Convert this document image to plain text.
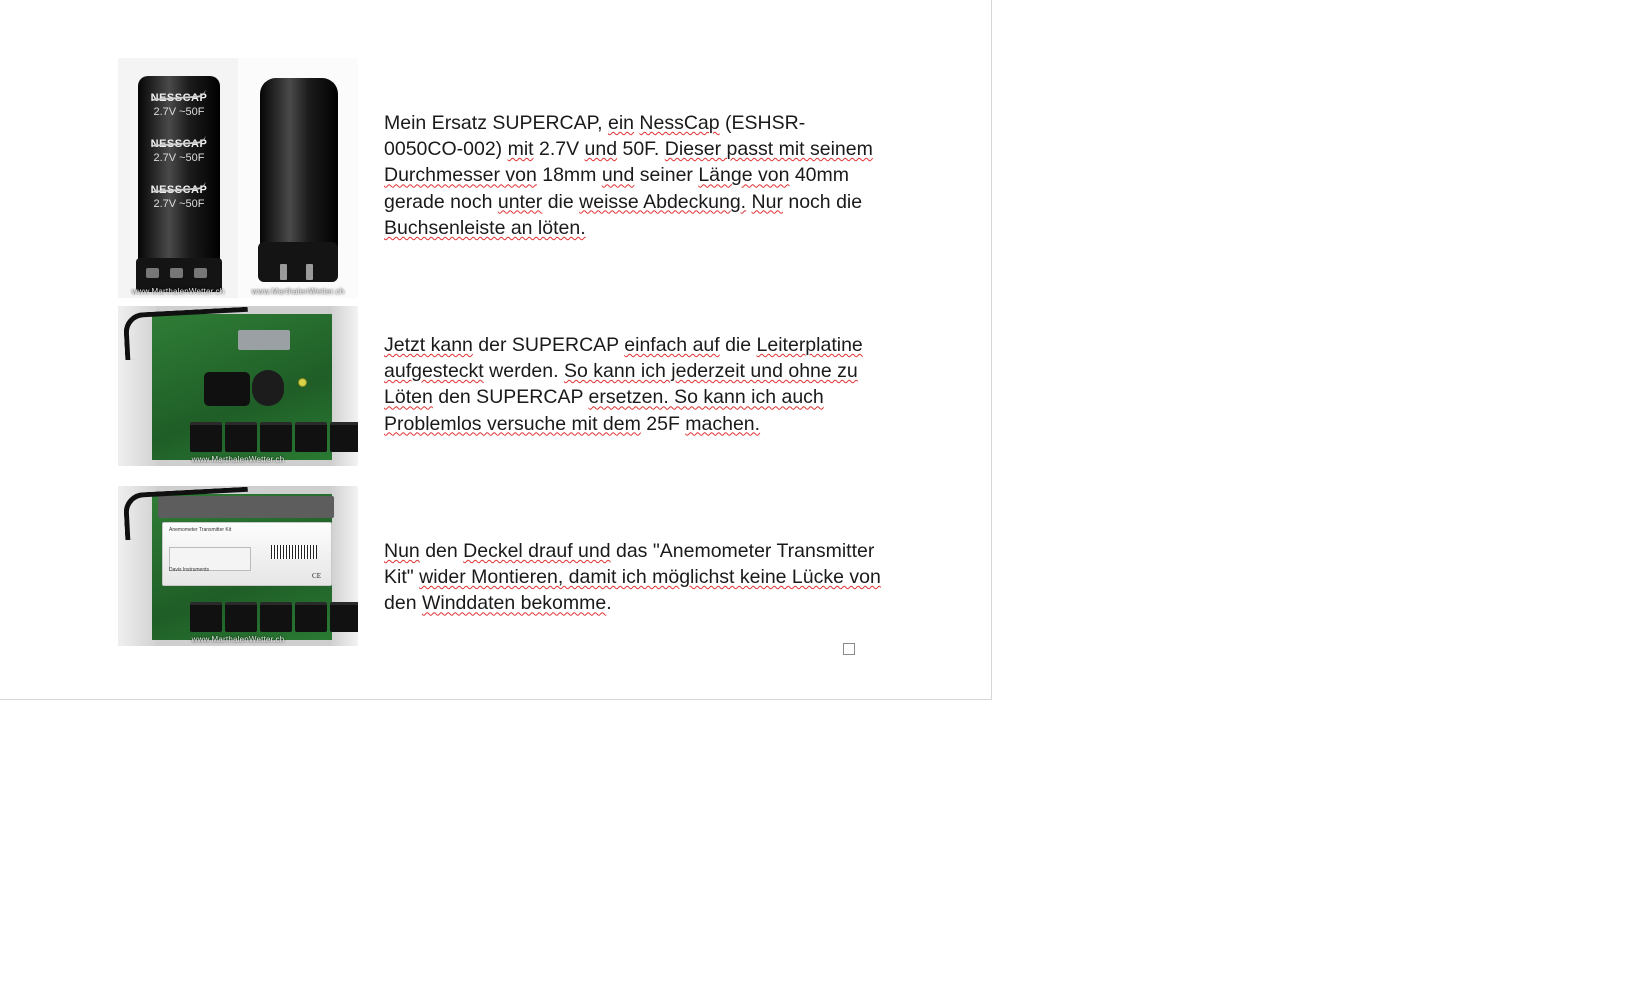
NESSCAP
2.7V ~50F
NESSCAP
2.7V ~50F
NESSCAP
2.7V ~50F
www.MarthalenWetter.ch	www.MarthalenWetter.ch

Mein Ersatz SUPERCAP, ein NessCap (ESHSR-0050CO-002) mit 2.7V und 50F. Dieser passt mit seinem Durchmesser von 18mm und seiner Länge von 40mm gerade noch unter die weisse Abdeckung. Nur noch die Buchsenleiste an löten.

www.MarthalenWetter.ch

Jetzt kann der SUPERCAP einfach auf die Leiterplatine aufgesteckt werden. So kann ich jederzeit und ohne zu Löten den SUPERCAP ersetzen. So kann ich auch Problemlos versuche mit dem 25F machen.

Anemometer Transmitter Kit
Davis Instruments
CE
www.MarthalenWetter.ch

Nun den Deckel drauf und das "Anemometer Transmitter Kit" wider Montieren, damit ich möglichst keine Lücke von den Winddaten bekomme.
